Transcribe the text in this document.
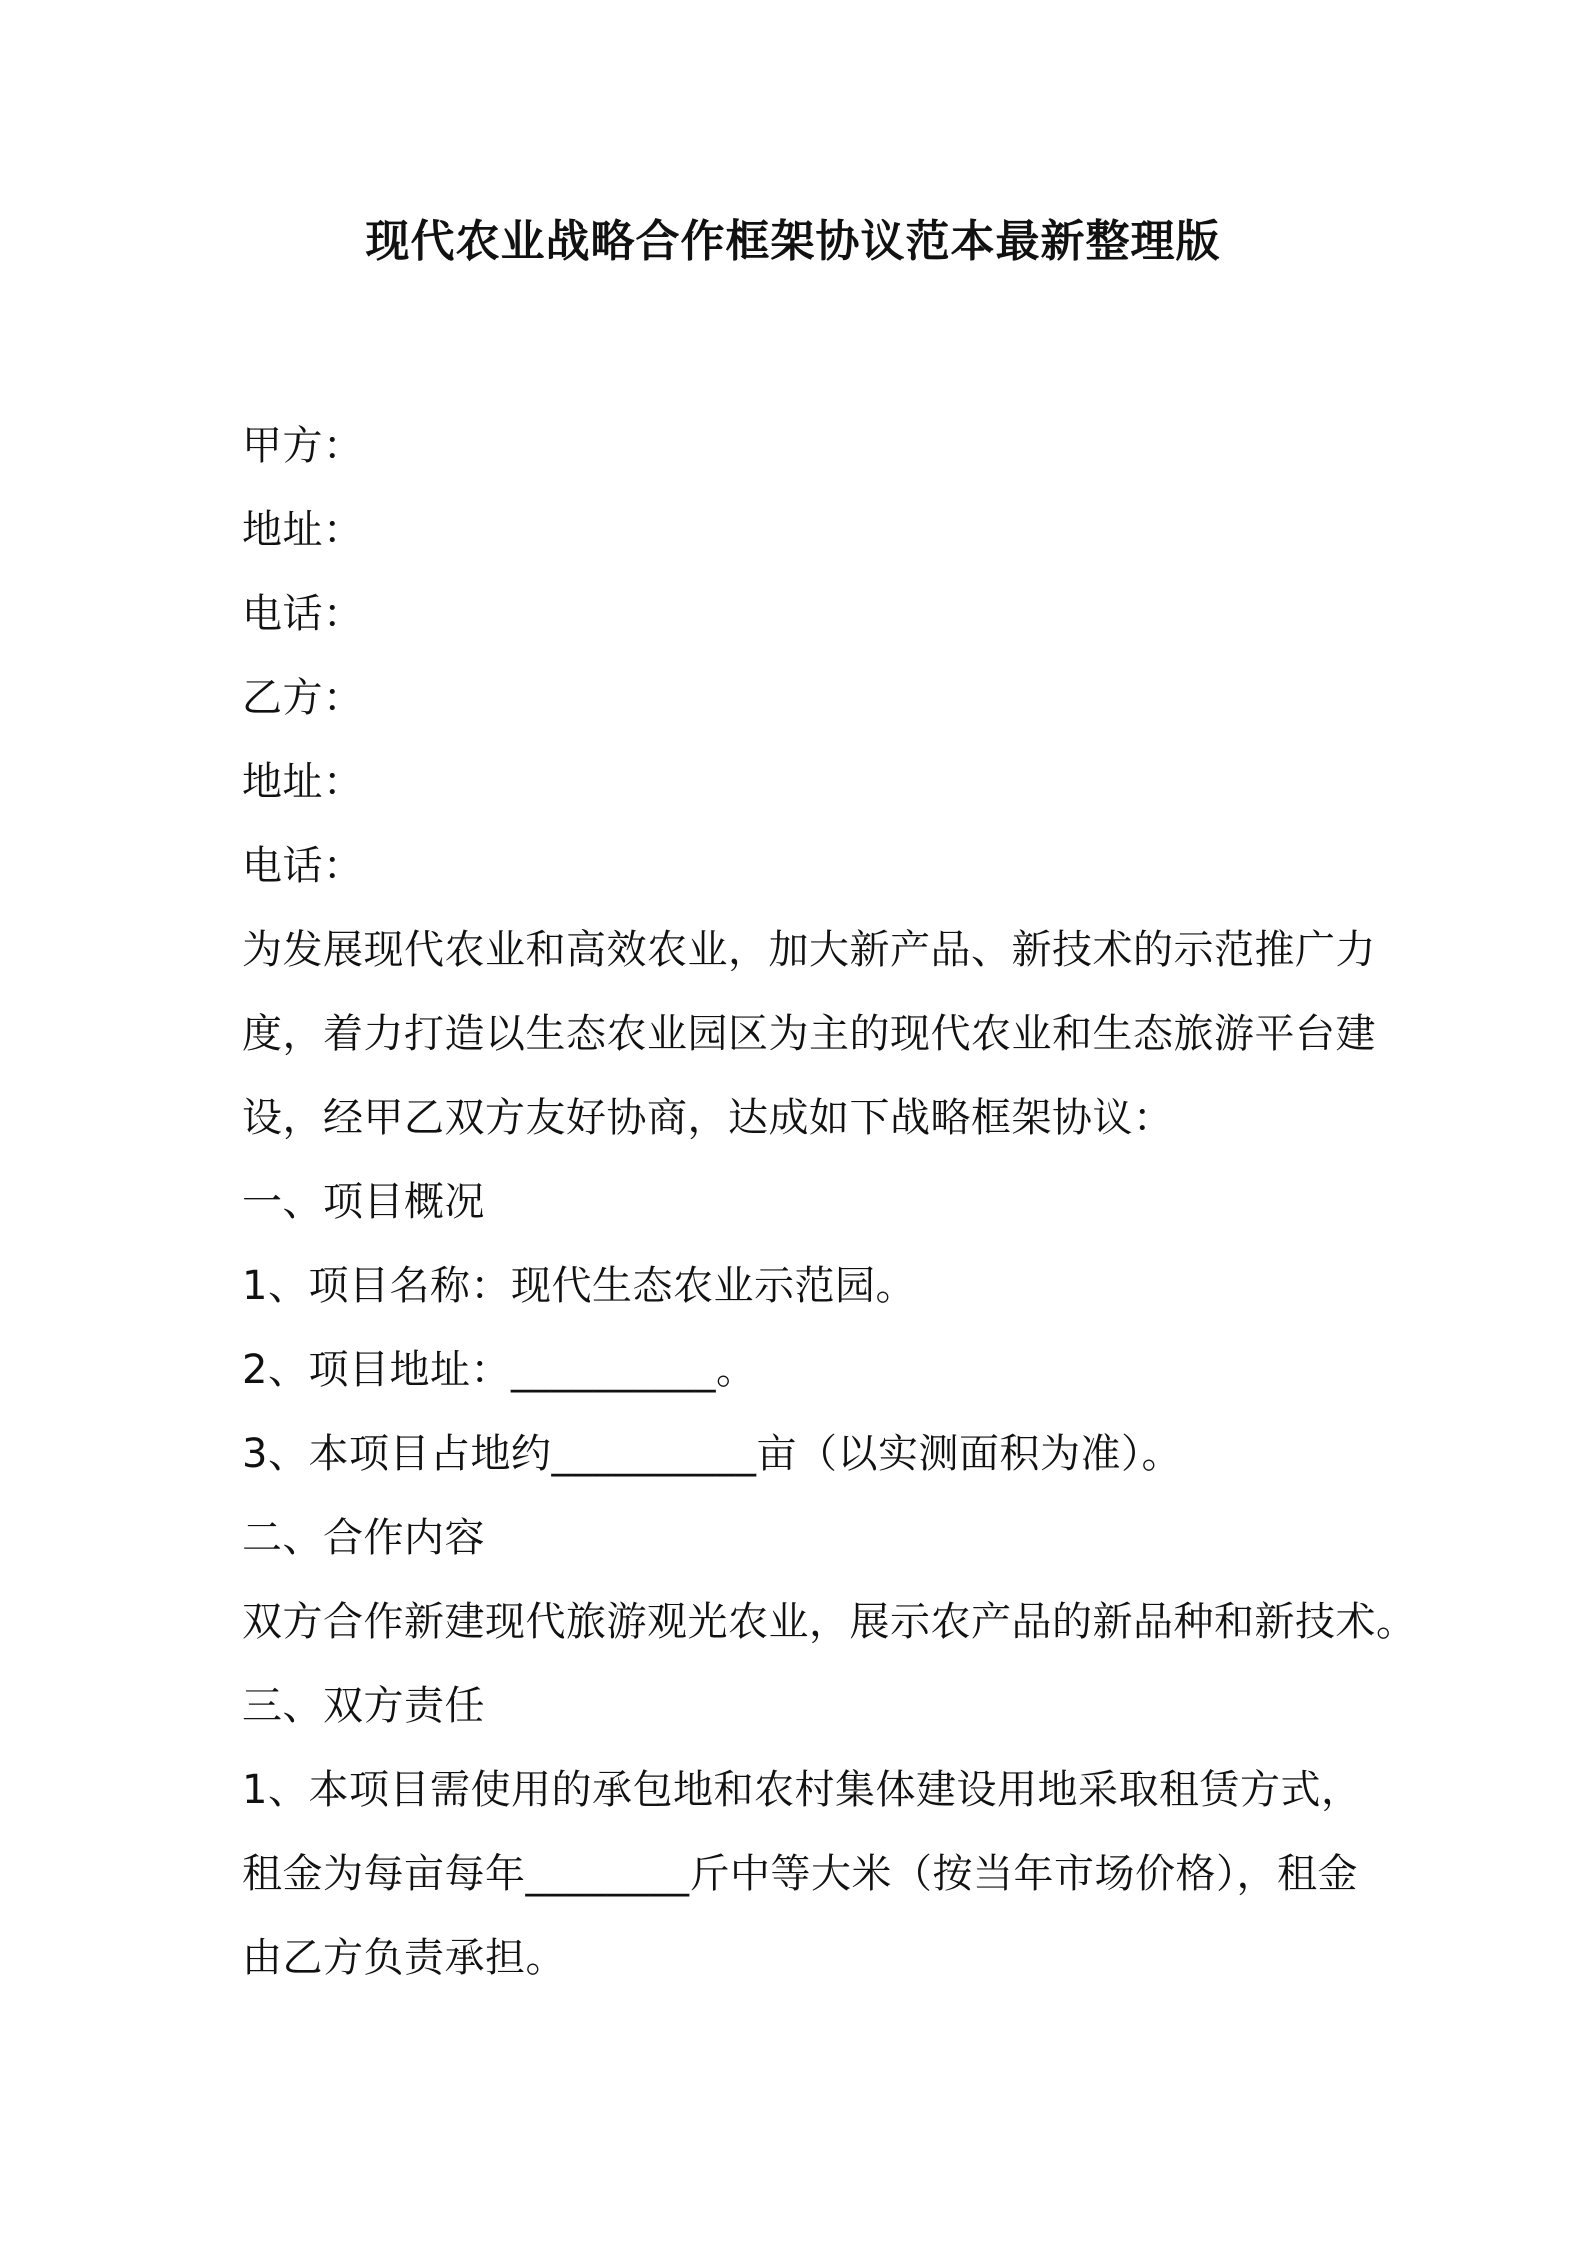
现代农业战略合作框架协议范本最新整理版
甲方：
地址：
电话：
乙方：
地址：
电话：
为发展现代农业和高效农业，加大新产品、新技术的示范推广力
度，着力打造以生态农业园区为主的现代农业和生态旅游平台建
设，经甲乙双方友好协商，达成如下战略框架协议：
一、项目概况
1、项目名称：现代生态农业示范园。
2、项目地址：__________。
3、本项目占地约__________亩（以实测面积为准）。
二、合作内容
双方合作新建现代旅游观光农业，展示农产品的新品种和新技术。
三、双方责任
1、本项目需使用的承包地和农村集体建设用地采取租赁方式，
租金为每亩每年________斤中等大米（按当年市场价格），租金
由乙方负责承担。
